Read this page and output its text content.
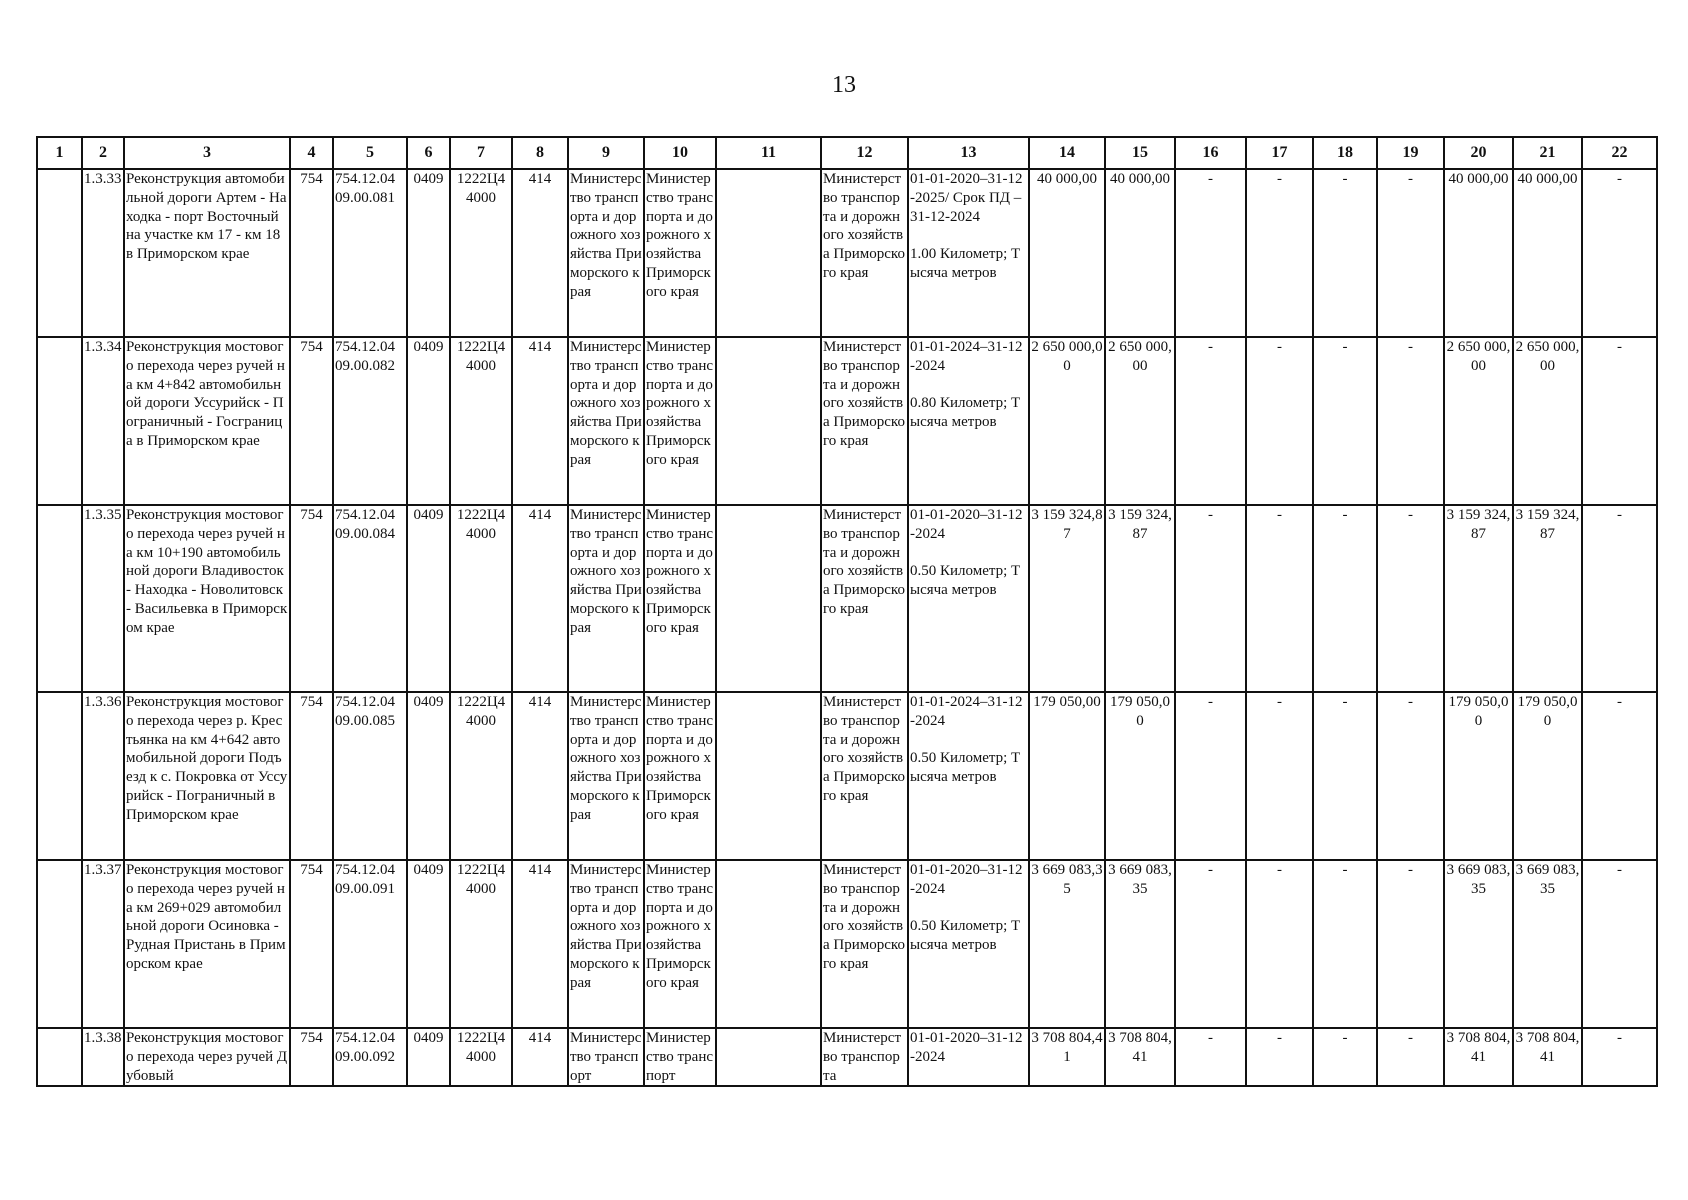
13
1	2	3	4	5	6	7	8	9	10	11	12	13	14	15	16	17	18	19	20	21	22
	1.3.33	Реконструкция автомобильной дороги Артем - Находка - порт Восточный на участке км 17 - км 18 в Приморском крае	754	754.12.04 09.00.081	0409	1222Ц4 4000	414	Министерство транспорта и дорожного хозяйства Приморского края	Министерство транспорта и дорожного хозяйства Приморского края		Министерство транспорта и дорожного хозяйства Приморского края	01-01-2020–31-12-2025/ Срок ПД – 31-12-2024
1.00 Километр; Тысяча метров	40 000,00	40 000,00	-	-	-	-	40 000,00	40 000,00	-
	1.3.34	Реконструкция мостового перехода через ручей на км 4+842 автомобильной дороги Уссурийск - Пограничный - Госграница в Приморском крае	754	754.12.04 09.00.082	0409	1222Ц4 4000	414	Министерство транспорта и дорожного хозяйства Приморского края	Министерство транспорта и дорожного хозяйства Приморского края		Министерство транспорта и дорожного хозяйства Приморского края	01-01-2024–31-12-2024
0.80 Километр; Тысяча метров	2 650 000,00	2 650 000,00	-	-	-	-	2 650 000,00	2 650 000,00	-
	1.3.35	Реконструкция мостового перехода через ручей на км 10+190 автомобильной дороги Владивосток - Находка - Новолитовск - Васильевка в Приморском крае	754	754.12.04 09.00.084	0409	1222Ц4 4000	414	Министерство транспорта и дорожного хозяйства Приморского края	Министерство транспорта и дорожного хозяйства Приморского края		Министерство транспорта и дорожного хозяйства Приморского края	01-01-2020–31-12-2024
0.50 Километр; Тысяча метров	3 159 324,87	3 159 324,87	-	-	-	-	3 159 324,87	3 159 324,87	-
	1.3.36	Реконструкция мостового перехода через р. Крестьянка на км 4+642 автомобильной дороги Подъезд к с. Покровка от Уссурийск - Пограничный в Приморском крае	754	754.12.04 09.00.085	0409	1222Ц4 4000	414	Министерство транспорта и дорожного хозяйства Приморского края	Министерство транспорта и дорожного хозяйства Приморского края		Министерство транспорта и дорожного хозяйства Приморского края	01-01-2024–31-12-2024
0.50 Километр; Тысяча метров	179 050,00	179 050,00	-	-	-	-	179 050,00	179 050,00	-
	1.3.37	Реконструкция мостового перехода через ручей на км 269+029 автомобильной дороги Осиновка - Рудная Пристань в Приморском крае	754	754.12.04 09.00.091	0409	1222Ц4 4000	414	Министерство транспорта и дорожного хозяйства Приморского края	Министерство транспорта и дорожного хозяйства Приморского края		Министерство транспорта и дорожного хозяйства Приморского края	01-01-2020–31-12-2024
0.50 Километр; Тысяча метров	3 669 083,35	3 669 083,35	-	-	-	-	3 669 083,35	3 669 083,35	-
	1.3.38	Реконструкция мостового перехода через ручей Дубовый	754	754.12.04 09.00.092	0409	1222Ц4 4000	414	Министерство транспорт	Министерство транспорт		Министерство транспорта	01-01-2020–31-12-2024	3 708 804,41	3 708 804,41	-	-	-	-	3 708 804,41	3 708 804,41	-
